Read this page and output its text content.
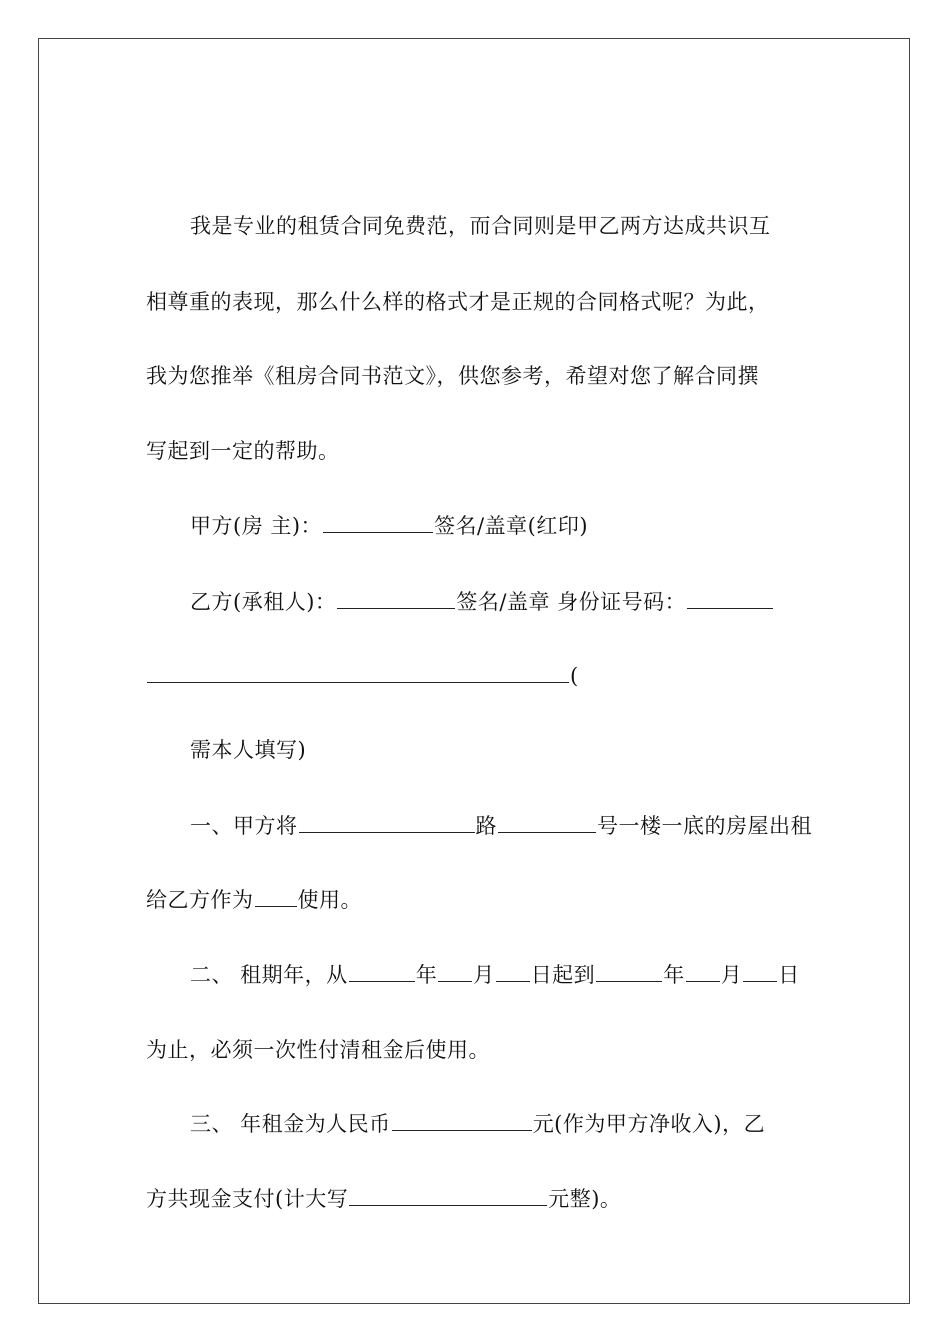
我是专业的租赁合同免费范，而合同则是甲乙两方达成共识互
相尊重的表现，那么什么样的格式才是正规的合同格式呢？为此，
我为您推举《租房合同书范文》，供您参考，希望对您了解合同撰
写起到一定的帮助。
甲方(房 主)：	签名/盖章(红印)
乙方(承租人)：	签名/盖章 身份证号码：
(
需本人填写)
一、甲方将	路	号一楼一底的房屋出租
给乙方作为 使用。
二、 租期年，从	年 月 日起到	年 月 日
为止，必须一次性付清租金后使用。
三、 年租金为人民币	元(作为甲方净收入)，乙
方共现金支付(计大写	元整)。
